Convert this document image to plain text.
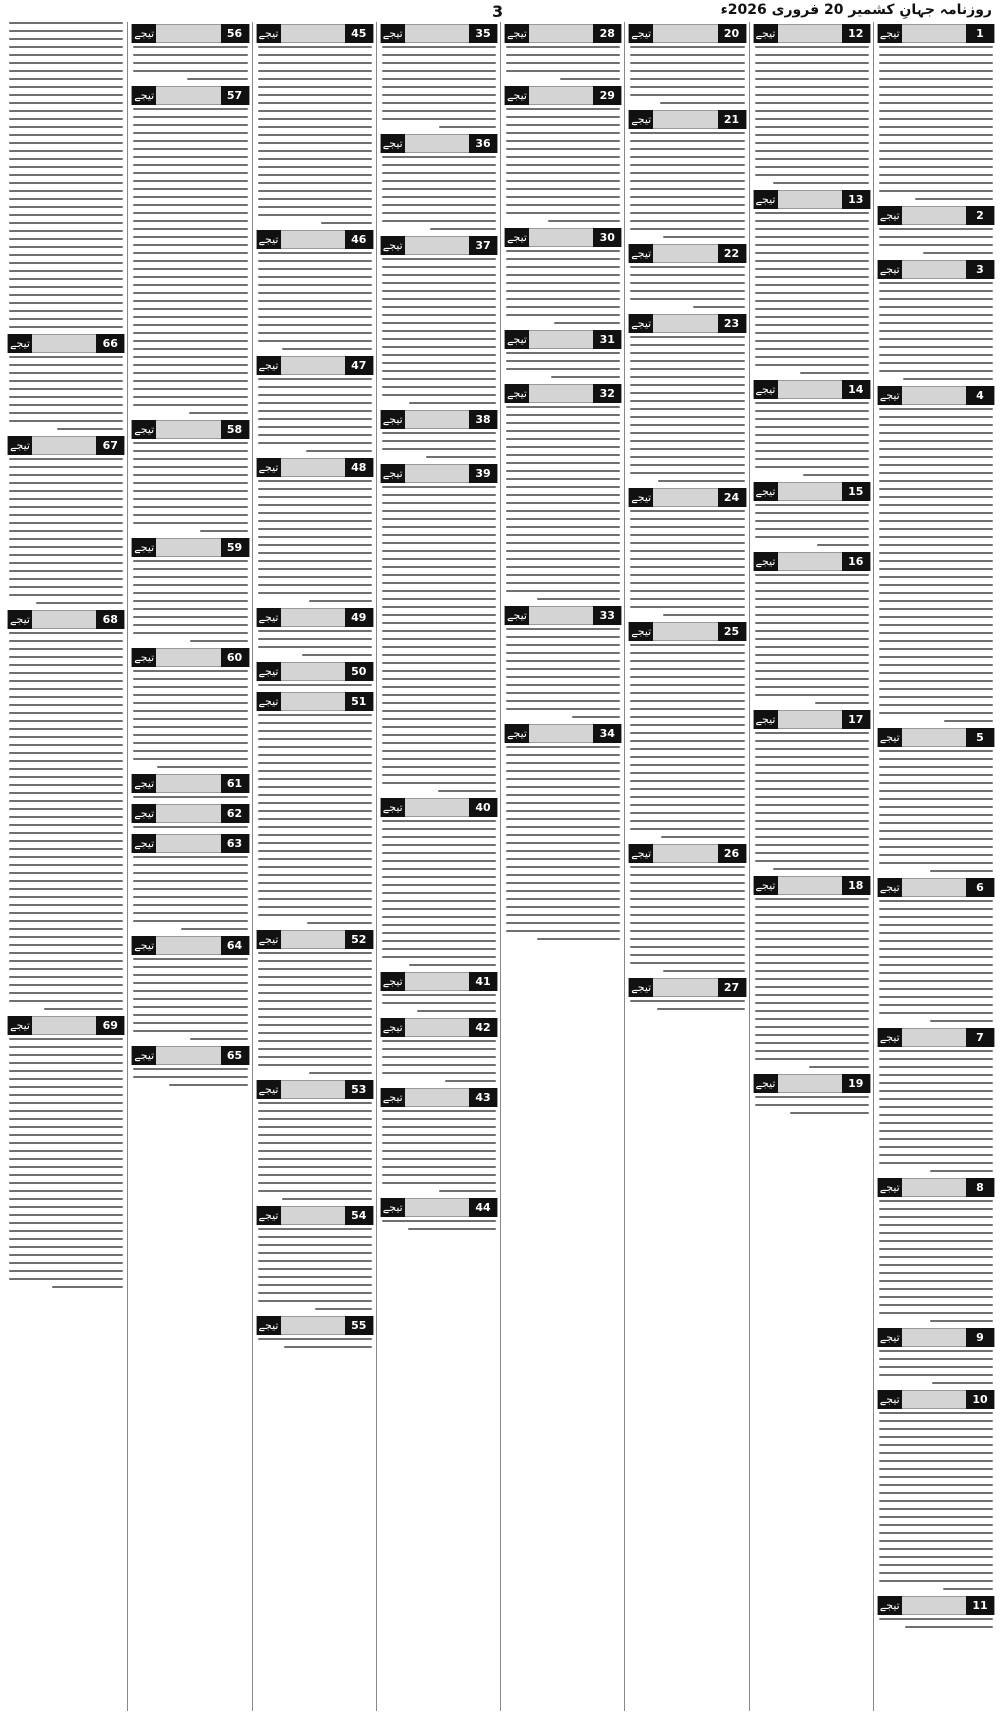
روزنامہ جہانِ کشمیر 20 فروری 2026ء
3
1
تیجے
2
تیجے
3
تیجے
4
تیجے
5
تیجے
6
تیجے
7
تیجے
8
تیجے
9
تیجے
10
تیجے
11
تیجے
12
تیجے
13
تیجے
14
تیجے
15
تیجے
16
تیجے
17
تیجے
18
تیجے
19
تیجے
20
تیجے
21
تیجے
22
تیجے
23
تیجے
24
تیجے
25
تیجے
26
تیجے
27
تیجے
28
تیجے
29
تیجے
30
تیجے
31
تیجے
32
تیجے
33
تیجے
34
تیجے
35
تیجے
36
تیجے
37
تیجے
38
تیجے
39
تیجے
40
تیجے
41
تیجے
42
تیجے
43
تیجے
44
تیجے
45
تیجے
46
تیجے
47
تیجے
48
تیجے
49
تیجے
50
تیجے
51
تیجے
52
تیجے
53
تیجے
54
تیجے
55
تیجے
56
تیجے
57
تیجے
58
تیجے
59
تیجے
60
تیجے
61
تیجے
62
تیجے
63
تیجے
64
تیجے
65
تیجے
66
تیجے
67
تیجے
68
تیجے
69
تیجے
